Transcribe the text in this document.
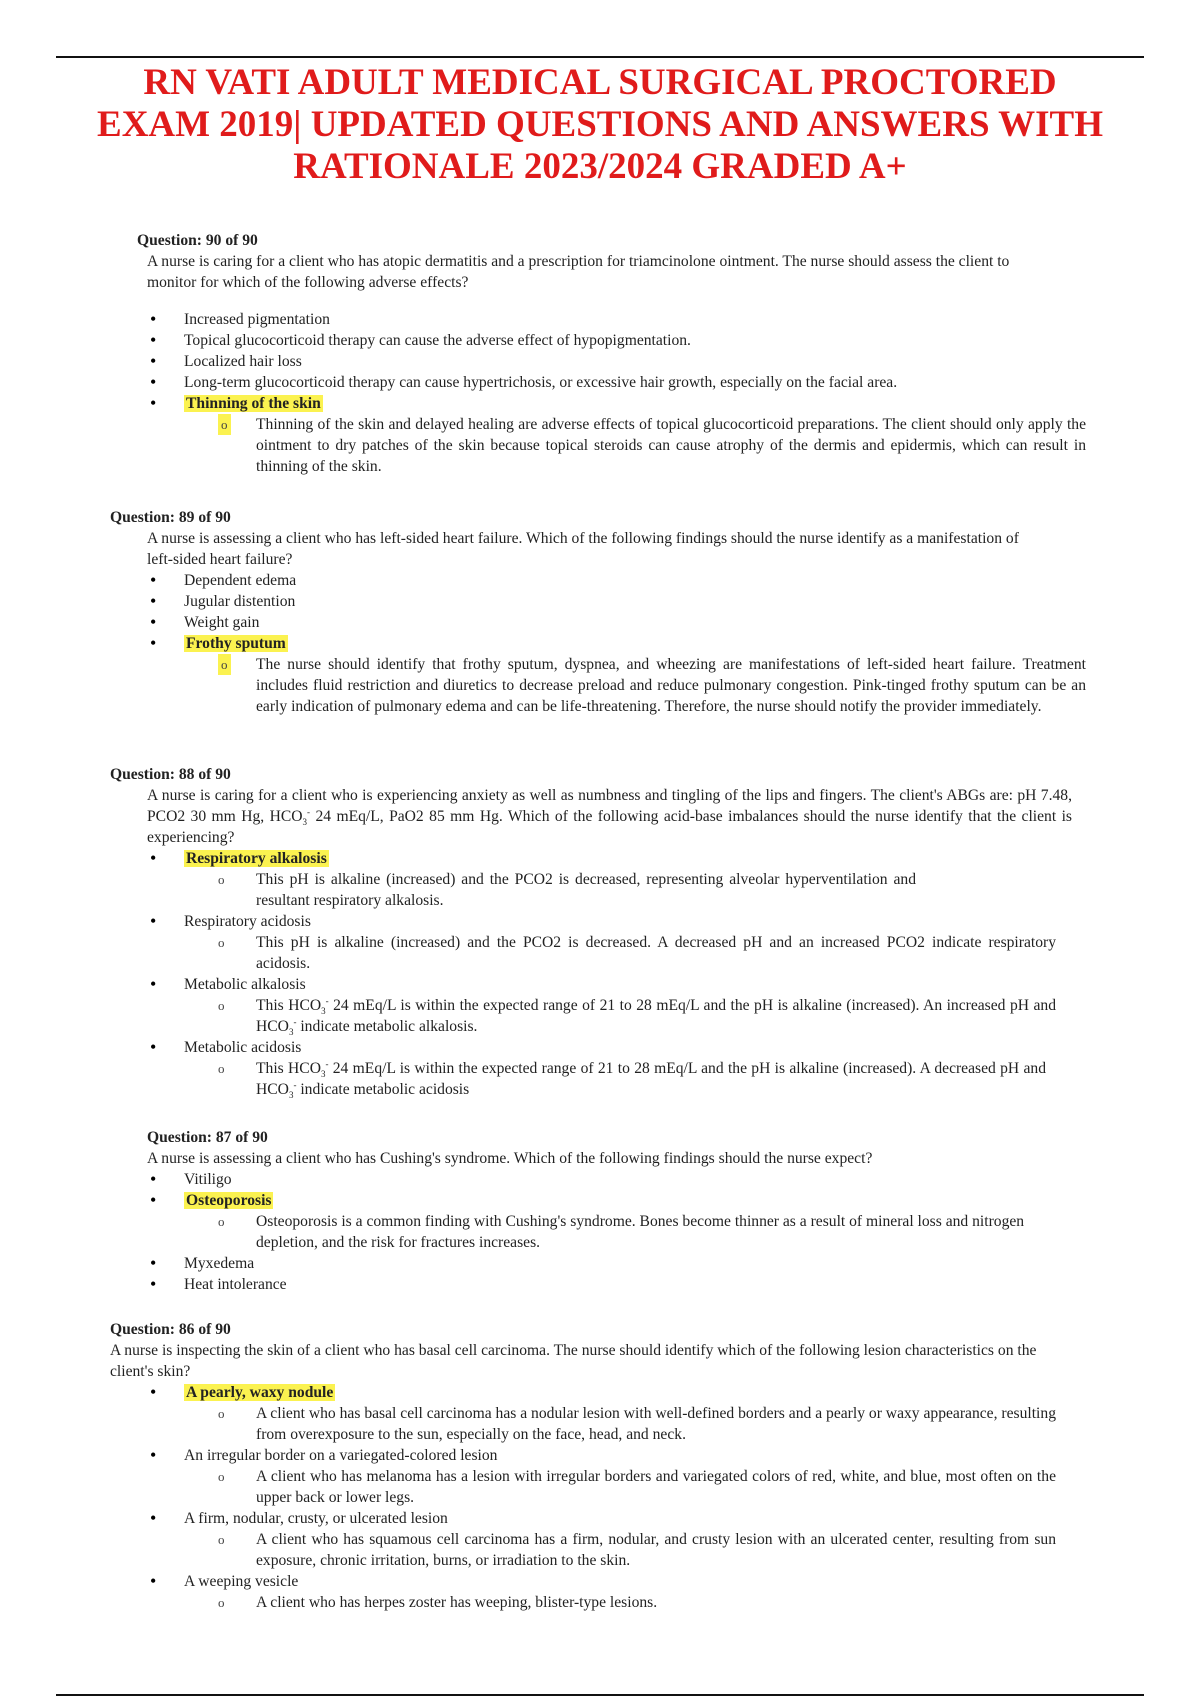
RN VATI ADULT MEDICAL SURGICAL PROCTORED
EXAM 2019| UPDATED QUESTIONS AND ANSWERS WITH
RATIONALE 2023/2024 GRADED A+
Question: 90 of 90

A nurse is caring for a client who has atopic dermatitis and a prescription for triamcinolone ointment. The nurse should assess the client to monitor for which of the following adverse effects?

• Increased pigmentation
• Topical glucocorticoid therapy can cause the adverse effect of hypopigmentation.
• Localized hair loss
• Long-term glucocorticoid therapy can cause hypertrichosis, or excessive hair growth, especially on the facial area.
• Thinning of the skin
o Thinning of the skin and delayed healing are adverse effects of topical glucocorticoid preparations. The client should only apply the ointment to dry patches of the skin because topical steroids can cause atrophy of the dermis and epidermis, which can result in thinning of the skin.
Question: 89 of 90

A nurse is assessing a client who has left-sided heart failure. Which of the following findings should the nurse identify as a manifestation of left-sided heart failure?

• Dependent edema
• Jugular distention
• Weight gain
• Frothy sputum
o The nurse should identify that frothy sputum, dyspnea, and wheezing are manifestations of left-sided heart failure. Treatment includes fluid restriction and diuretics to decrease preload and reduce pulmonary congestion. Pink-tinged frothy sputum can be an early indication of pulmonary edema and can be life-threatening. Therefore, the nurse should notify the provider immediately.
Question: 88 of 90

A nurse is caring for a client who is experiencing anxiety as well as numbness and tingling of the lips and fingers. The client's ABGs are: pH 7.48, PCO2 30 mm Hg, $HCO_3^-$ 24 mEq/L, PaO2 85 mm Hg. Which of the following acid-base imbalances should the nurse identify that the client is experiencing?

• Respiratory alkalosis
o This pH is alkaline (increased) and the PCO2 is decreased, representing alveolar hyperventilation and resultant respiratory alkalosis.
• Respiratory acidosis
o This pH is alkaline (increased) and the PCO2 is decreased. A decreased pH and an increased PCO2 indicate respiratory acidosis.
• Metabolic alkalosis
o This $HCO_3^-$ 24 mEq/L is within the expected range of 21 to 28 mEq/L and the pH is alkaline (increased). An increased pH and $HCO_3^-$ indicate metabolic alkalosis.
• Metabolic acidosis
o This $HCO_3^-$ 24 mEq/L is within the expected range of 21 to 28 mEq/L and the pH is alkaline (increased). A decreased pH and $HCO_3^-$ indicate metabolic acidosis
Question: 87 of 90

A nurse is assessing a client who has Cushing's syndrome. Which of the following findings should the nurse expect?

• Vitiligo
• Osteoporosis
o Osteoporosis is a common finding with Cushing's syndrome. Bones become thinner as a result of mineral loss and nitrogen depletion, and the risk for fractures increases.
• Myxedema
• Heat intolerance
Question: 86 of 90

A nurse is inspecting the skin of a client who has basal cell carcinoma. The nurse should identify which of the following lesion characteristics on the client's skin?

• A pearly, waxy nodule
o A client who has basal cell carcinoma has a nodular lesion with well-defined borders and a pearly or waxy appearance, resulting from overexposure to the sun, especially on the face, head, and neck.
• An irregular border on a variegated-colored lesion
o A client who has melanoma has a lesion with irregular borders and variegated colors of red, white, and blue, most often on the upper back or lower legs.
• A firm, nodular, crusty, or ulcerated lesion
o A client who has squamous cell carcinoma has a firm, nodular, and crusty lesion with an ulcerated center, resulting from sun exposure, chronic irritation, burns, or irradiation to the skin.
• A weeping vesicle
o A client who has herpes zoster has weeping, blister-type lesions.
